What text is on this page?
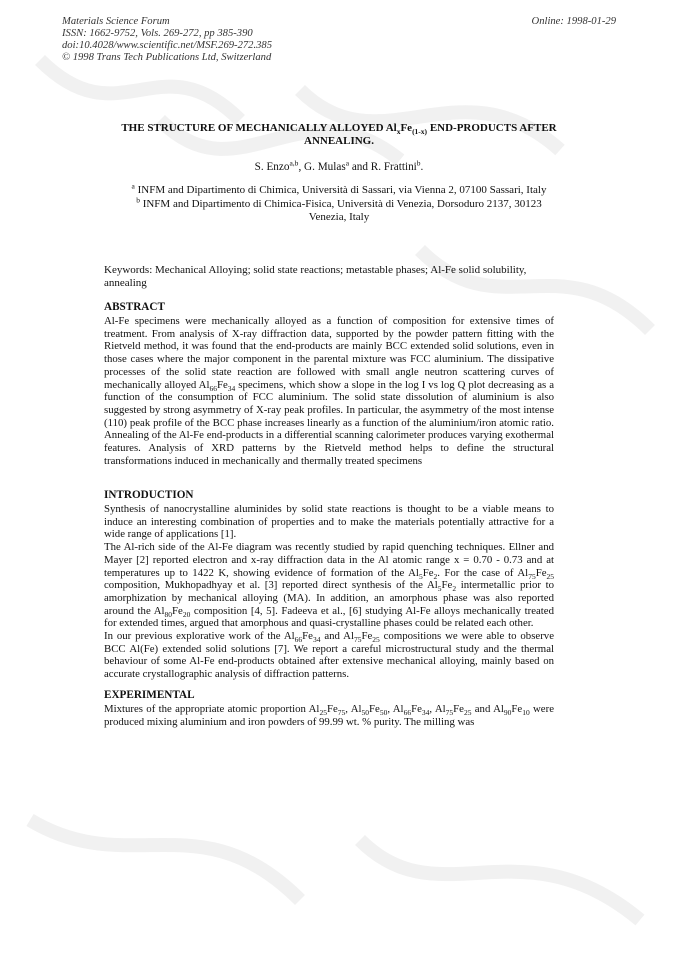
Materials Science Forum
ISSN: 1662-9752, Vols. 269-272, pp 385-390
doi:10.4028/www.scientific.net/MSF.269-272.385
© 1998 Trans Tech Publications Ltd, Switzerland
Online: 1998-01-29
THE STRUCTURE OF MECHANICALLY ALLOYED $Al_xFe_{(1-x)}$ END-PRODUCTS AFTER
ANNEALING.
S. Enzo$^{a,b}$, G. Mulas$^a$ and R. Frattini$^b$.
$^a$ INFM and Dipartimento di Chimica, Università di Sassari, via Vienna 2, 07100 Sassari, Italy
$^b$ INFM and Dipartimento di Chimica-Fisica, Università di Venezia, Dorsoduro 2137, 30123
Venezia, Italy
Keywords: Mechanical Alloying; solid state reactions; metastable phases; Al-Fe solid solubility, annealing
ABSTRACT

Al-Fe specimens were mechanically alloyed as a function of composition for extensive times of treatment. From analysis of X-ray diffraction data, supported by the powder pattern fitting with the Rietveld method, it was found that the end-products are mainly BCC extended solid solutions, even in those cases where the major component in the parental mixture was FCC aluminium. The dissipative processes of the solid state reaction are followed with small angle neutron scattering curves of mechanically alloyed $Al_{66}Fe_{34}$ specimens, which show a slope in the log I vs log Q plot decreasing as a function of the consumption of FCC aluminium. The solid state dissolution of aluminium is also suggested by strong asymmetry of X-ray peak profiles. In particular, the asymmetry of the most intense (110) peak profile of the BCC phase increases linearly as a function of the aluminium/iron atomic ratio. Annealing of the Al-Fe end-products in a differential scanning calorimeter produces varying exothermal features. Analysis of XRD patterns by the Rietveld method helps to define the structural transformations induced in mechanically and thermally treated specimens

INTRODUCTION

Synthesis of nanocrystalline aluminides by solid state reactions is thought to be a viable means to induce an interesting combination of properties and to make the materials potentially attractive for a wide range of applications [1].

The Al-rich side of the Al-Fe diagram was recently studied by rapid quenching techniques. Ellner and Mayer [2] reported electron and x-ray diffraction data in the Al atomic range x = 0.70 - 0.73 and at temperatures up to 1422 K, showing evidence of formation of the $Al_5Fe_2$. For the case of $Al_{75}Fe_{25}$ composition, Mukhopadhyay et al. [3] reported direct synthesis of the $Al_5Fe_2$ intermetallic prior to amorphization by mechanical alloying (MA). In addition, an amorphous phase was also reported around the $Al_{80}Fe_{20}$ composition [4, 5]. Fadeeva et al., [6] studying Al-Fe alloys mechanically treated for extended times, argued that amorphous and quasi-crystalline phases could be related each other.

In our previous explorative work of the $Al_{66}Fe_{34}$ and $Al_{75}Fe_{25}$ compositions we were able to observe BCC Al(Fe) extended solid solutions [7]. We report a careful microstructural study and the thermal behaviour of some Al-Fe end-products obtained after extensive mechanical alloying, mainly based on accurate crystallographic analysis of diffraction patterns.

EXPERIMENTAL

Mixtures of the appropriate atomic proportion $Al_{25}Fe_{75}$, $Al_{50}Fe_{50}$, $Al_{66}Fe_{34}$, $Al_{75}Fe_{25}$ and $Al_{90}Fe_{10}$ were produced mixing aluminium and iron powders of 99.99 wt. % purity. The milling was
